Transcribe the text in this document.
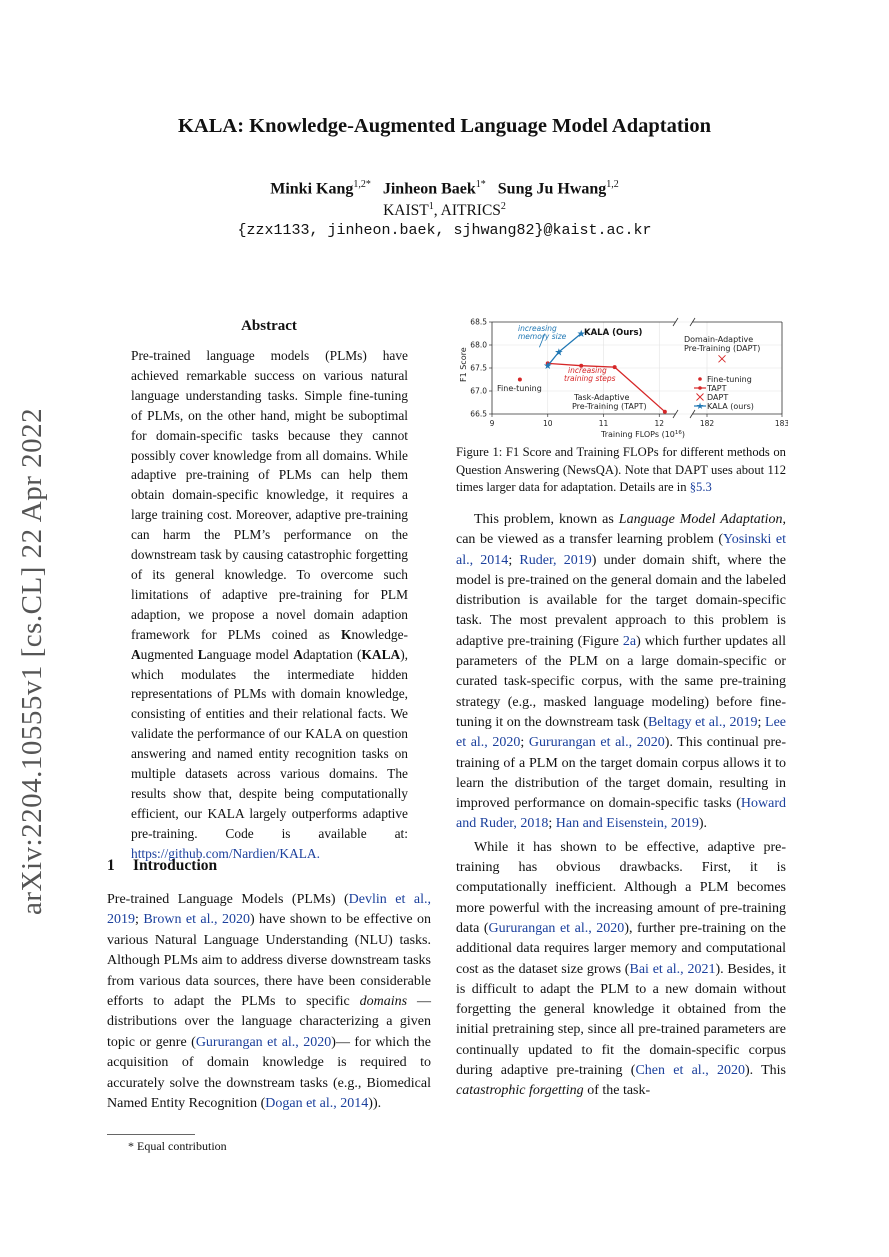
arXiv:2204.10555v1 [cs.CL] 22 Apr 2022
KALA: Knowledge-Augmented Language Model Adaptation
Minki Kang$^{1,2*}$ Jinheon Baek$^{1*}$ Sung Ju Hwang$^{1,2}$
KAIST$^1$, AITRICS$^2$
{zzx1133, jinheon.baek, sjhwang82}@kaist.ac.kr
Abstract
Pre-trained language models (PLMs) have achieved remarkable success on various natural language understanding tasks. Simple fine-tuning of PLMs, on the other hand, might be suboptimal for domain-specific tasks because they cannot possibly cover knowledge from all domains. While adaptive pre-training of PLMs can help them obtain domain-specific knowledge, it requires a large training cost. Moreover, adaptive pre-training can harm the PLM’s performance on the downstream task by causing catastrophic forgetting of its general knowledge. To overcome such limitations of adaptive pre-training for PLM adaption, we propose a novel domain adaption framework for PLMs coined as Knowledge-Augmented Language model Adaptation (KALA), which modulates the intermediate hidden representations of PLMs with domain knowledge, consisting of entities and their relational facts. We validate the performance of our KALA on question answering and named entity recognition tasks on multiple datasets across various domains. The results show that, despite being computationally efficient, our KALA largely outperforms adaptive pre-training. Code is available at: https://github.com/Nardien/KALA.
1 Introduction

Pre-trained Language Models (PLMs) (Devlin et al., 2019; Brown et al., 2020) have shown to be effective on various Natural Language Understanding (NLU) tasks. Although PLMs aim to address diverse downstream tasks from various data sources, there have been considerable efforts to adapt the PLMs to specific domains —distributions over the language characterizing a given topic or genre (Gururangan et al., 2020)— for which the acquisition of domain knowledge is required to accurately solve the downstream tasks (e.g., Biomedical Named Entity Recognition (Dogan et al., 2014)).

* Equal contribution
66.5
67.0
67.5
68.0
68.5
9	10	11	12	182	183
★
★
★
increasing
memory size KALA (Ours)
Domain-Adaptive
Pre-Training (DAPT)
increasing
training steps
Fine-tuning
Task-Adaptive
Pre-Training (TAPT)
Fine-tuning
TAPT
DAPT
★ KALA (ours)
F1 Score
Training FLOPs $(10^{16})$
Figure 1: F1 Score and Training FLOPs for different methods on Question Answering (NewsQA). Note that DAPT uses about 112 times larger data for adaptation. Details are in §5.3

This problem, known as Language Model Adaptation, can be viewed as a transfer learning problem (Yosinski et al., 2014; Ruder, 2019) under domain shift, where the model is pre-trained on the general domain and the labeled distribution is available for the target domain-specific task. The most prevalent approach to this problem is adaptive pre-training (Figure 2a) which further updates all parameters of the PLM on a large domain-specific or curated task-specific corpus, with the same pre-training strategy (e.g., masked language modeling) before fine-tuning it on the downstream task (Beltagy et al., 2019; Lee et al., 2020; Gururangan et al., 2020). This continual pre-training of a PLM on the target domain corpus allows it to learn the distribution of the target domain, resulting in improved performance on domain-specific tasks (Howard and Ruder, 2018; Han and Eisenstein, 2019).

While it has shown to be effective, adaptive pre-training has obvious drawbacks. First, it is computationally inefficient. Although a PLM becomes more powerful with the increasing amount of pre-training data (Gururangan et al., 2020), further pre-training on the additional data requires larger memory and computational cost as the dataset size grows (Bai et al., 2021). Besides, it is difficult to adapt the PLM to a new domain without forgetting the general knowledge it obtained from the initial pretraining step, since all pre-trained parameters are continually updated to fit the domain-specific corpus during adaptive pre-training (Chen et al., 2020). This catastrophic forgetting of the task-
